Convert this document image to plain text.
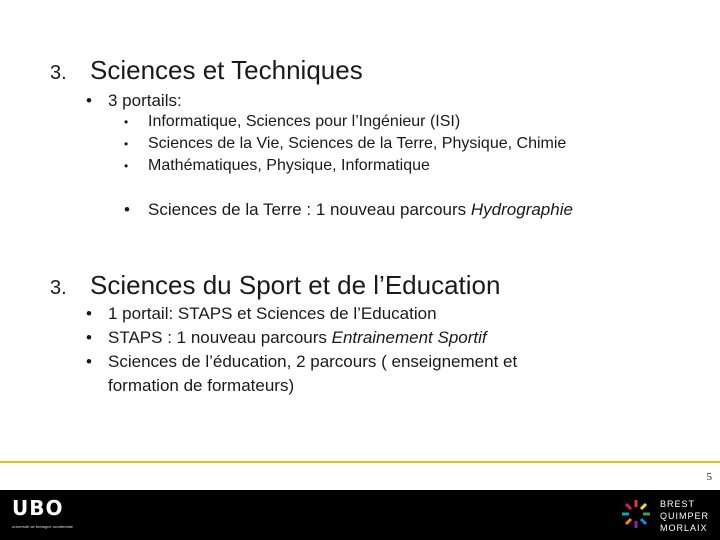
3. Sciences et Techniques
• 3 portails:
• Informatique, Sciences pour l’Ingénieur (ISI)
• Sciences de la Vie, Sciences de la Terre, Physique, Chimie
• Mathématiques, Physique, Informatique
• Sciences de la Terre : 1 nouveau parcours Hydrographie
3. Sciences du Sport et de l’Education
• 1 portail: STAPS et Sciences de l’Education
• STAPS : 1 nouveau parcours Entrainement Sportif
• Sciences de l’éducation, 2 parcours ( enseignement et
formation de formateurs)
5
UBO
université de bretagne occidentale
BREST
QUIMPER
MORLAIX
